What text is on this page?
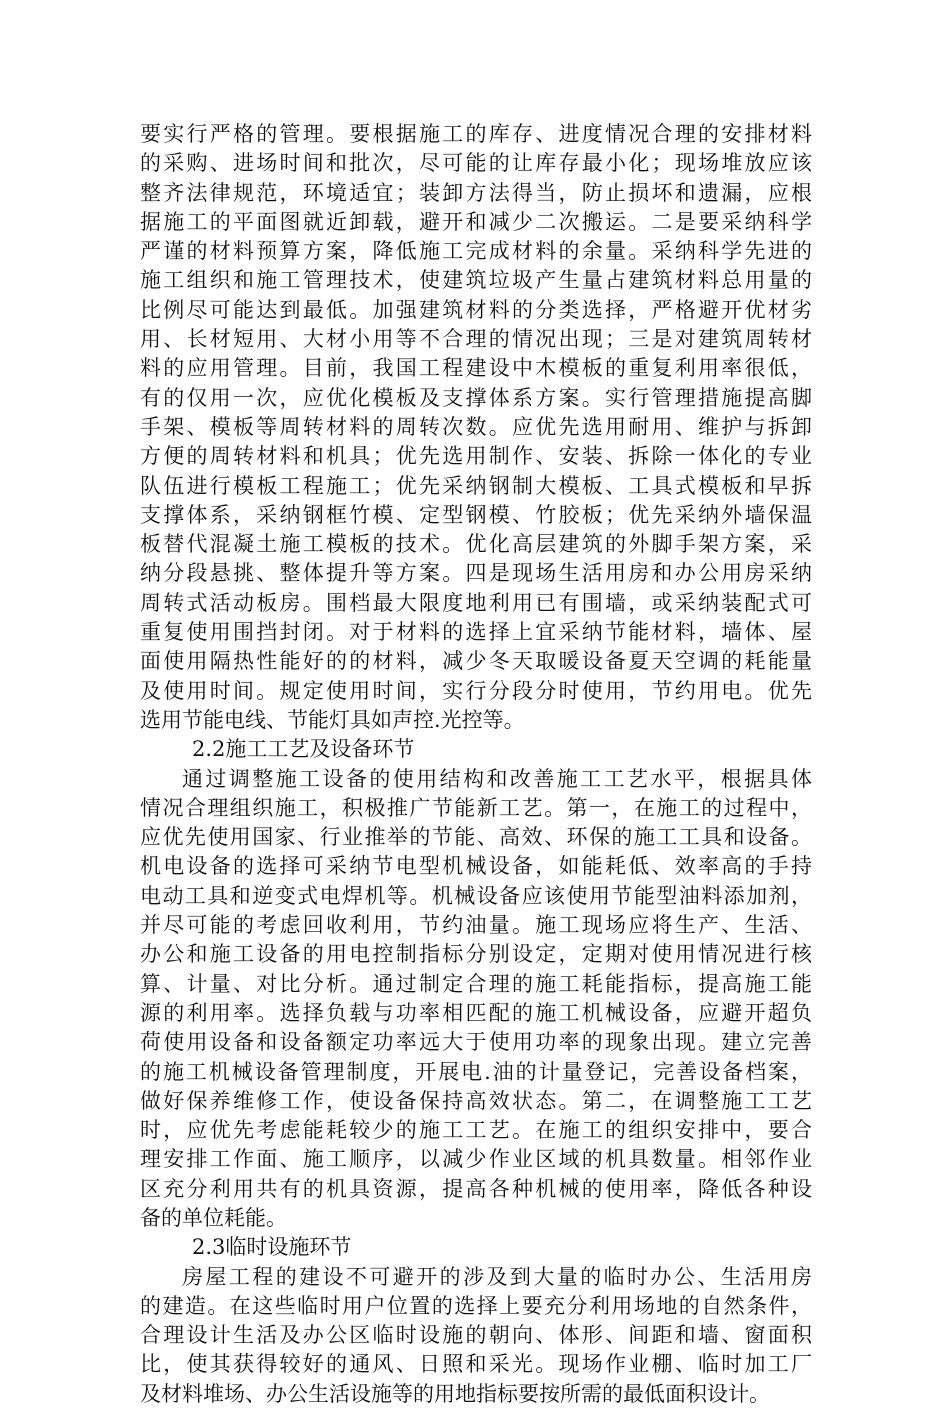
要实行严格的管理。要根据施工的库存、进度情况合理的安排材料
的采购、进场时间和批次，尽可能的让库存最小化；现场堆放应该
整齐法律规范，环境适宜；装卸方法得当，防止损坏和遗漏，应根
据施工的平面图就近卸载，避开和减少二次搬运。二是要采纳科学
严谨的材料预算方案，降低施工完成材料的余量。采纳科学先进的
施工组织和施工管理技术，使建筑垃圾产生量占建筑材料总用量的
比例尽可能达到最低。加强建筑材料的分类选择，严格避开优材劣
用、长材短用、大材小用等不合理的情况出现；三是对建筑周转材
料的应用管理。目前，我国工程建设中木模板的重复利用率很低，
有的仅用一次，应优化模板及支撑体系方案。实行管理措施提高脚
手架、模板等周转材料的周转次数。应优先选用耐用、维护与拆卸
方便的周转材料和机具；优先选用制作、安装、拆除一体化的专业
队伍进行模板工程施工；优先采纳钢制大模板、工具式模板和早拆
支撑体系，采纳钢框竹模、定型钢模、竹胶板；优先采纳外墙保温
板替代混凝土施工模板的技术。优化高层建筑的外脚手架方案，采
纳分段悬挑、整体提升等方案。四是现场生活用房和办公用房采纳
周转式活动板房。围档最大限度地利用已有围墙，或采纳装配式可
重复使用围挡封闭。对于材料的选择上宜采纳节能材料，墙体、屋
面使用隔热性能好的的材料，减少冬天取暖设备夏天空调的耗能量
及使用时间。规定使用时间，实行分段分时使用，节约用电。优先
选用节能电线、节能灯具如声控.光控等。
2.2施工工艺及设备环节
通过调整施工设备的使用结构和改善施工工艺水平，根据具体
情况合理组织施工，积极推广节能新工艺。第一，在施工的过程中，
应优先使用国家、行业推举的节能、高效、环保的施工工具和设备。
机电设备的选择可采纳节电型机械设备，如能耗低、效率高的手持
电动工具和逆变式电焊机等。机械设备应该使用节能型油料添加剂，
并尽可能的考虑回收利用，节约油量。施工现场应将生产、生活、
办公和施工设备的用电控制指标分别设定，定期对使用情况进行核
算、计量、对比分析。通过制定合理的施工耗能指标，提高施工能
源的利用率。选择负载与功率相匹配的施工机械设备，应避开超负
荷使用设备和设备额定功率远大于使用功率的现象出现。建立完善
的施工机械设备管理制度，开展电.油的计量登记，完善设备档案，
做好保养维修工作，使设备保持高效状态。第二，在调整施工工艺
时，应优先考虑能耗较少的施工工艺。在施工的组织安排中，要合
理安排工作面、施工顺序，以减少作业区域的机具数量。相邻作业
区充分利用共有的机具资源，提高各种机械的使用率，降低各种设
备的单位耗能。
2.3临时设施环节
房屋工程的建设不可避开的涉及到大量的临时办公、生活用房
的建造。在这些临时用户位置的选择上要充分利用场地的自然条件，
合理设计生活及办公区临时设施的朝向、体形、间距和墙、窗面积
比，使其获得较好的通风、日照和采光。现场作业棚、临时加工厂
及材料堆场、办公生活设施等的用地指标要按所需的最低面积设计。
